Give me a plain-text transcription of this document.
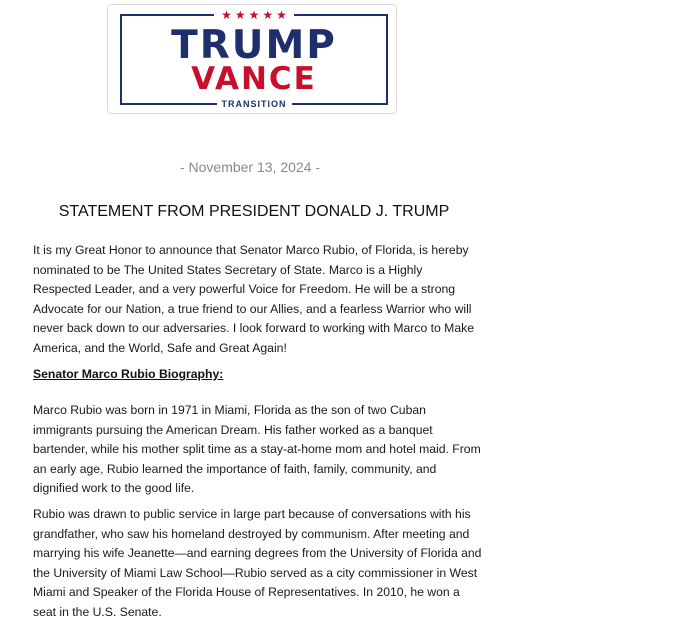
★★★★★
TRUMP
VANCE
TRANSITION
- November 13, 2024 -
STATEMENT FROM PRESIDENT DONALD J. TRUMP

It is my Great Honor to announce that Senator Marco Rubio, of Florida, is hereby nominated to be The United States Secretary of State. Marco is a Highly Respected Leader, and a very powerful Voice for Freedom. He will be a strong Advocate for our Nation, a true friend to our Allies, and a fearless Warrior who will never back down to our adversaries. I look forward to working with Marco to Make America, and the World, Safe and Great Again!

Senator Marco Rubio Biography:

Marco Rubio was born in 1971 in Miami, Florida as the son of two Cuban immigrants pursuing the American Dream. His father worked as a banquet bartender, while his mother split time as a stay-at-home mom and hotel maid. From an early age, Rubio learned the importance of faith, family, community, and dignified work to the good life.

Rubio was drawn to public service in large part because of conversations with his grandfather, who saw his homeland destroyed by communism. After meeting and marrying his wife Jeanette—and earning degrees from the University of Florida and the University of Miami Law School—Rubio served as a city commissioner in West Miami and Speaker of the Florida House of Representatives. In 2010, he won a seat in the U.S. Senate.
